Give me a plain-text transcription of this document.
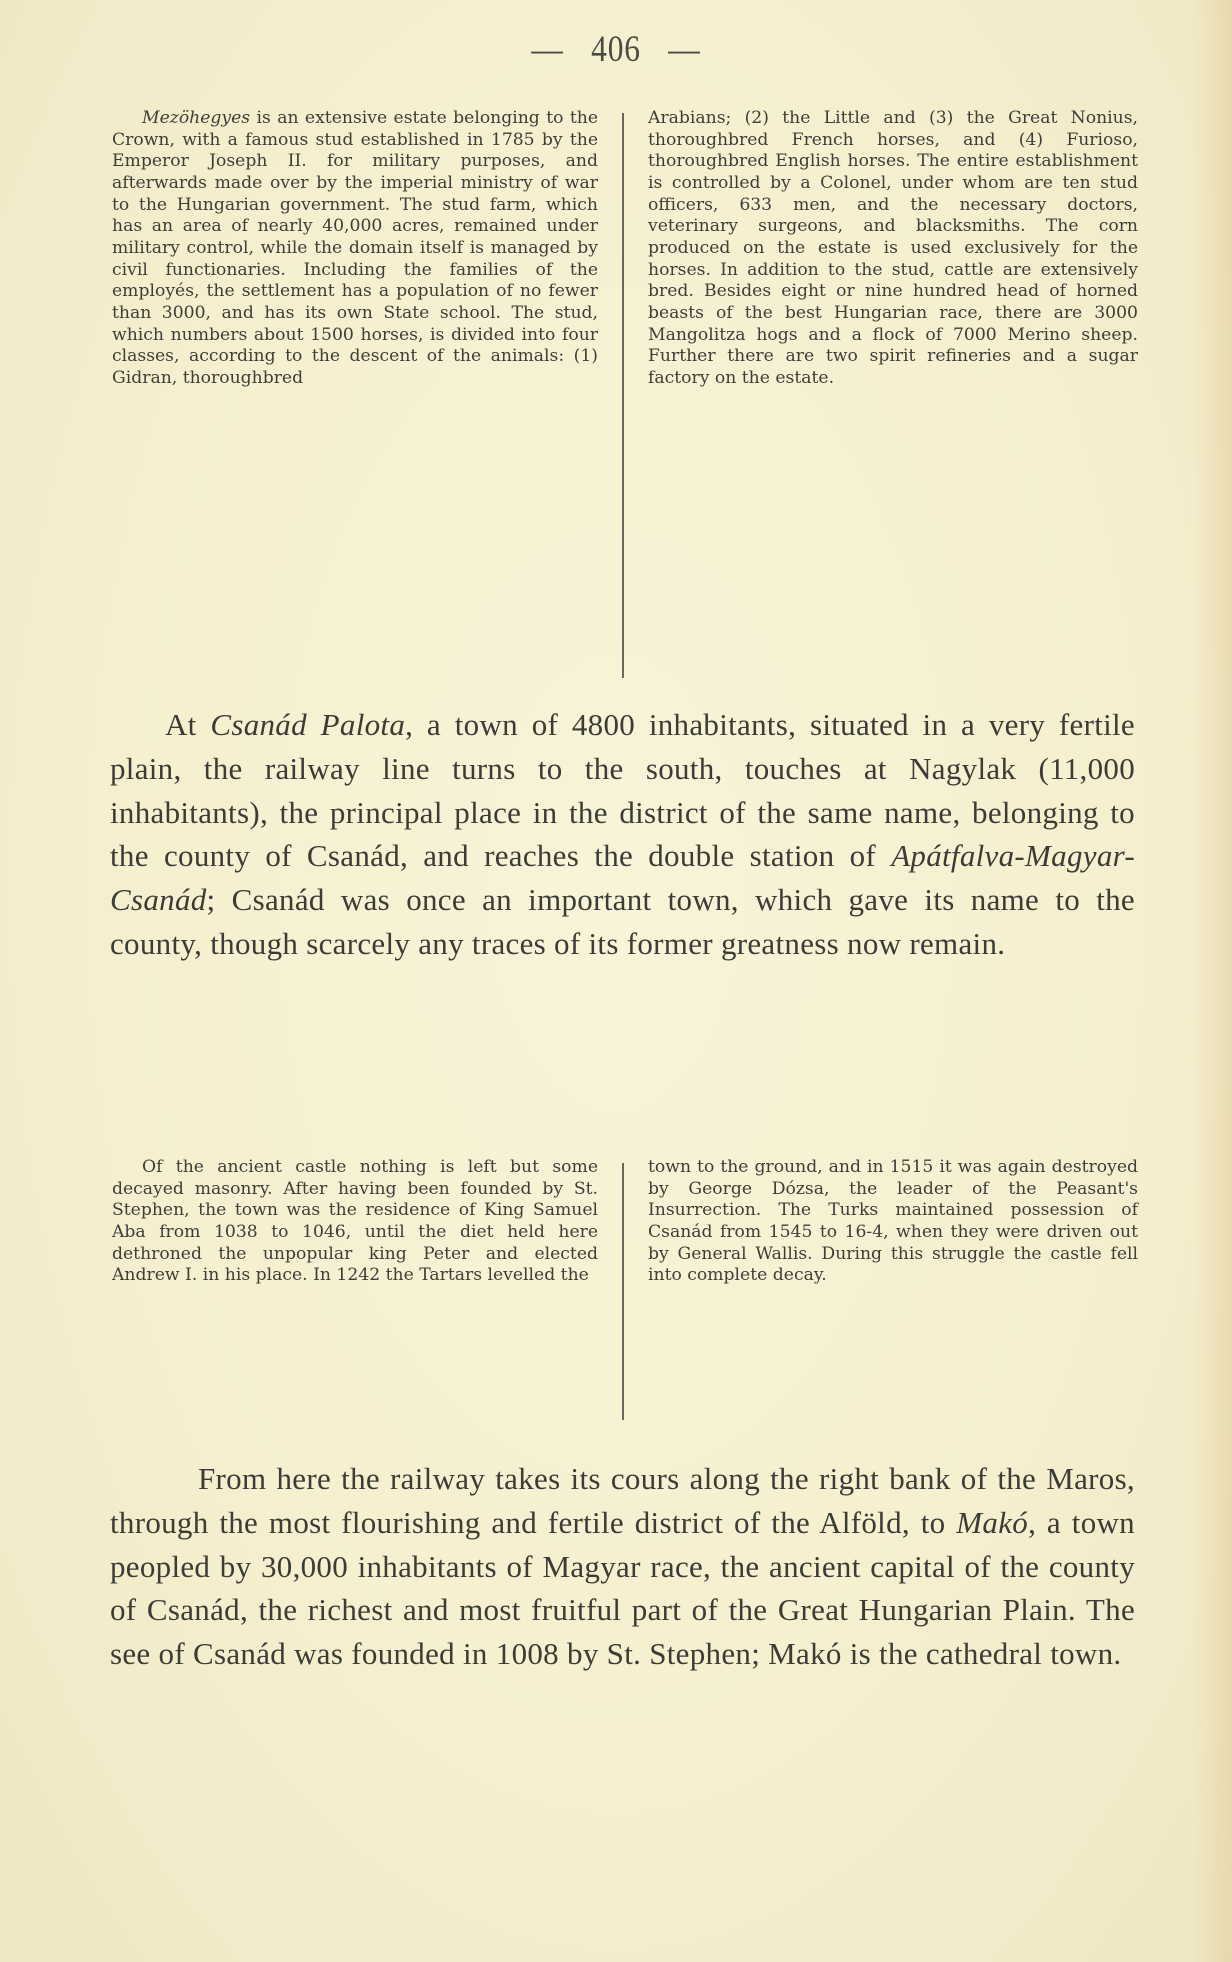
— 406 —

Mezöhegyes is an extensive estate belonging to the Crown, with a famous stud established in 1785 by the Emperor Joseph II. for military purposes, and afterwards made over by the imperial ministry of war to the Hungarian government. The stud farm, which has an area of nearly 40,000 acres, remained under military control, while the domain itself is managed by civil functionaries. Including the families of the employés, the settlement has a population of no fewer than 3000, and has its own State school. The stud, which numbers about 1500 horses, is divided into four classes, according to the descent of the animals: (1) Gidran, thoroughbred

Arabians; (2) the Little and (3) the Great Nonius, thoroughbred French horses, and (4) Furioso, thoroughbred English horses. The entire establishment is controlled by a Colonel, under whom are ten stud officers, 633 men, and the necessary doctors, veterinary surgeons, and blacksmiths. The corn produced on the estate is used exclusively for the horses. In addition to the stud, cattle are extensively bred. Besides eight or nine hundred head of horned beasts of the best Hungarian race, there are 3000 Mangolitza hogs and a flock of 7000 Merino sheep. Further there are two spirit refineries and a sugar factory on the estate.

At Csanád Palota, a town of 4800 inhabitants, situated in a very fertile plain, the railway line turns to the south, touches at Nagylak (11,000 inhabitants), the principal place in the district of the same name, belonging to the county of Csanád, and reaches the double station of Apátfalva-Magyar-Csanád; Csanád was once an important town, which gave its name to the county, though scarcely any traces of its former greatness now remain.

Of the ancient castle nothing is left but some decayed masonry. After having been founded by St. Stephen, the town was the residence of King Samuel Aba from 1038 to 1046, until the diet held here dethroned the unpopular king Peter and elected Andrew I. in his place. In 1242 the Tartars levelled the

town to the ground, and in 1515 it was again destroyed by George Dózsa, the leader of the Peasant's Insurrection. The Turks maintained possession of Csanád from 1545 to 16-4, when they were driven out by General Wallis. During this struggle the castle fell into complete decay.

From here the railway takes its cours along the right bank of the Maros, through the most flourishing and fertile district of the Alföld, to Makó, a town peopled by 30,000 inhabitants of Magyar race, the ancient capital of the county of Csanád, the richest and most fruitful part of the Great Hungarian Plain. The see of Csanád was founded in 1008 by St. Stephen; Makó is the cathedral town.
